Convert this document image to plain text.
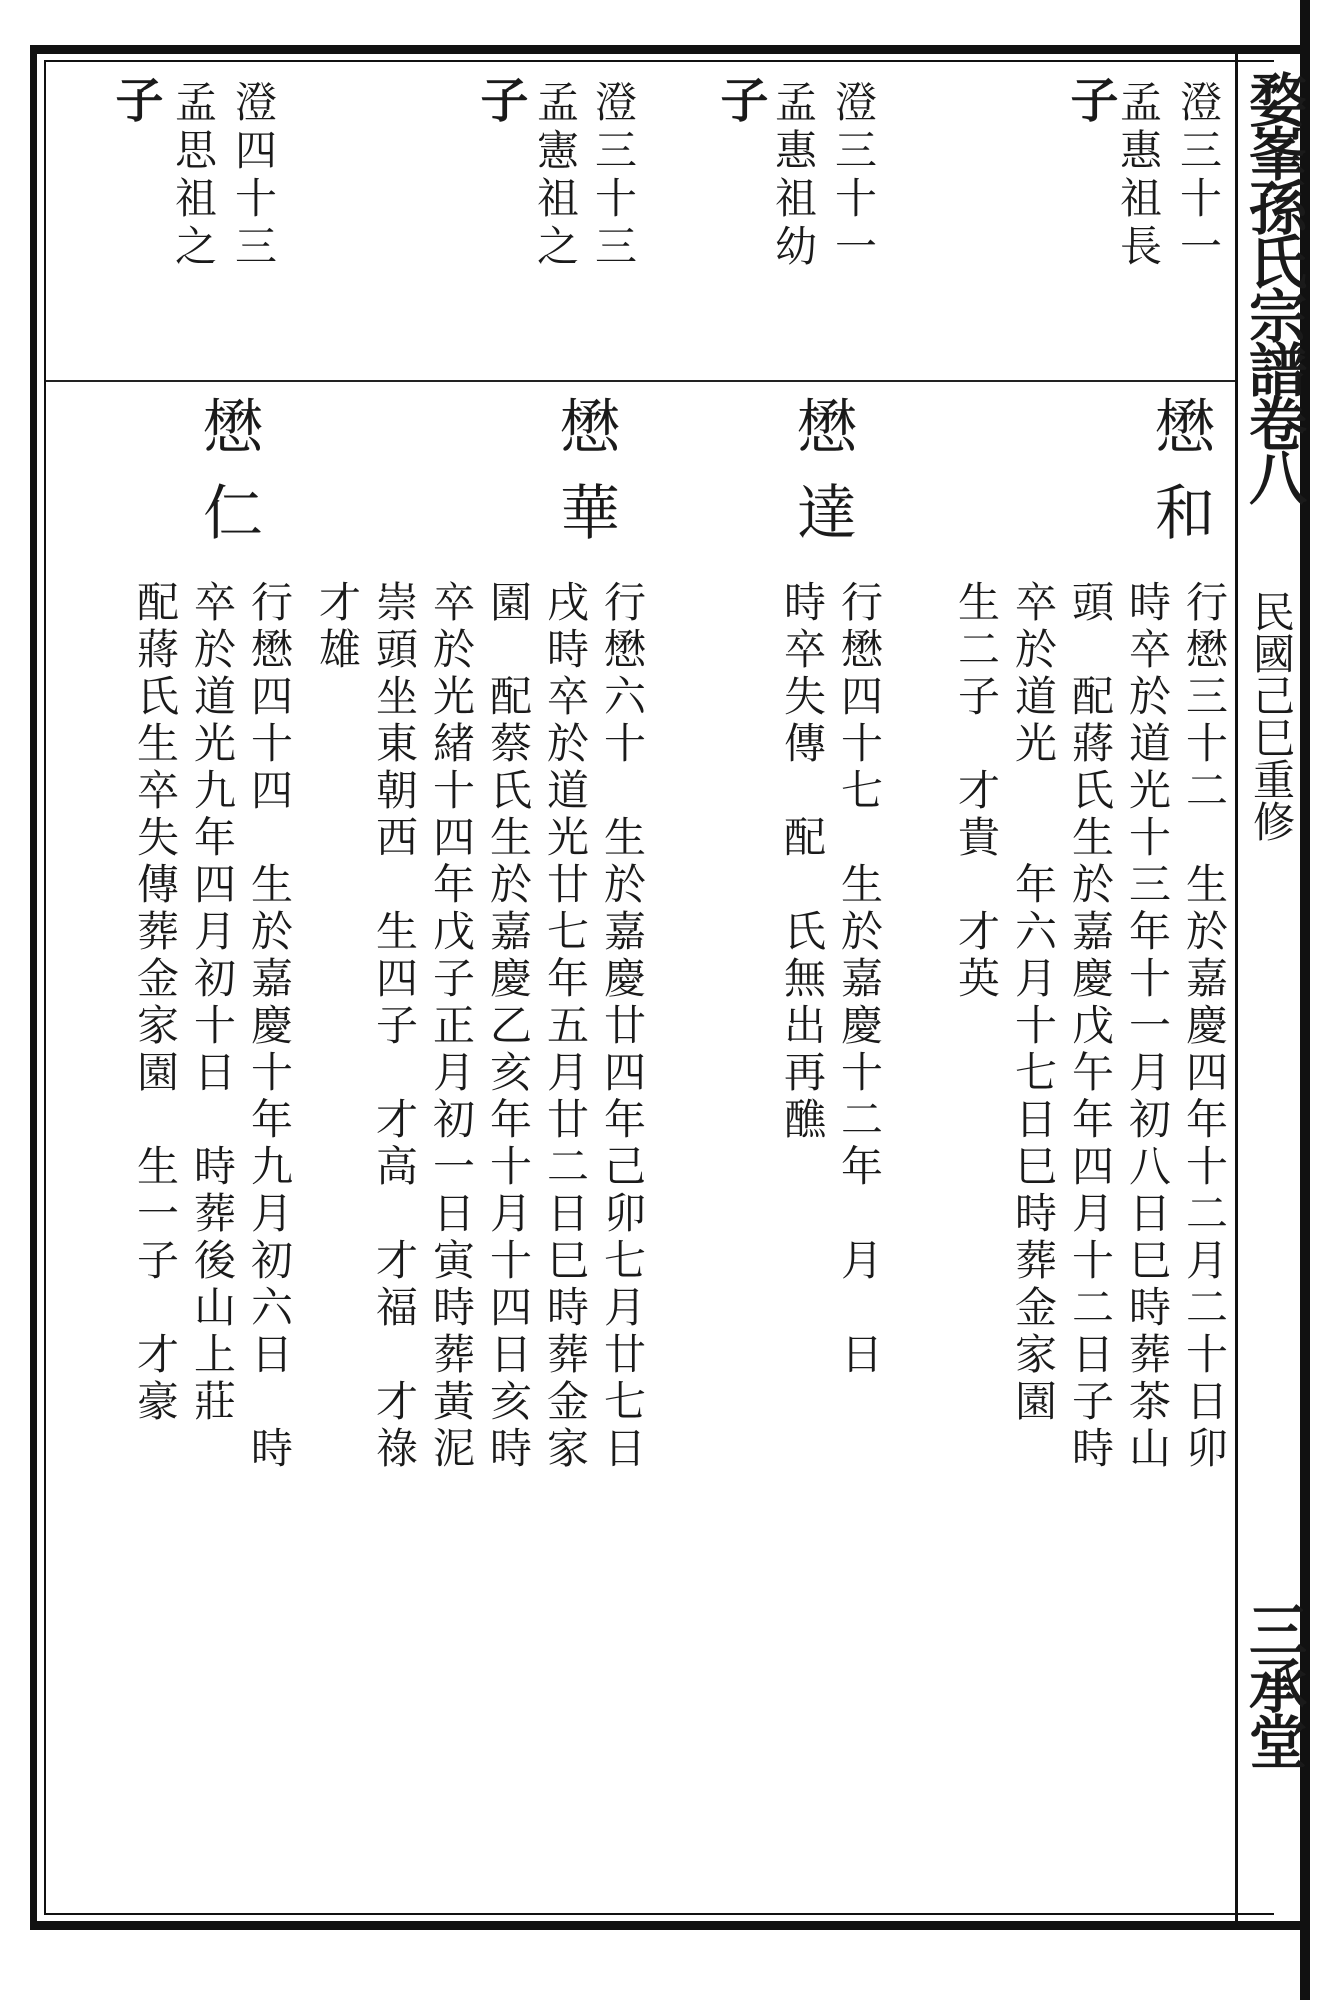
婺峯孫氏宗譜卷八

民國己巳重修

三承堂

澄三十一

孟惠祖長

子

懋和

行懋三十二　生於嘉慶四年十二月二十日卯

時卒於道光十三年十一月初八日巳時葬茶山

頭　配蔣氏生於嘉慶戊午年四月十二日子時

卒於道光　　年六月十七日巳時葬金家園

生二子　才貴　才英

澄三十一

孟惠祖幼

子

懋達

行懋四十七　生於嘉慶十二年　月　日

時卒失傳　配　氏無出再醮

澄三十三

孟憲祖之

子

懋華

行懋六十　生於嘉慶廿四年己卯七月廿七日

戌時卒於道光廿七年五月廿二日巳時葬金家

園　配蔡氏生於嘉慶乙亥年十月十四日亥時

卒於光緒十四年戊子正月初一日寅時葬黃泥

崇頭坐東朝西　生四子　才高　才福　才祿

才雄

澄四十三

孟思祖之

子

懋仁

行懋四十四　生於嘉慶十年九月初六日　時

卒於道光九年四月初十日　時葬後山上莊

配蔣氏生卒失傳葬金家園　生一子　才豪
